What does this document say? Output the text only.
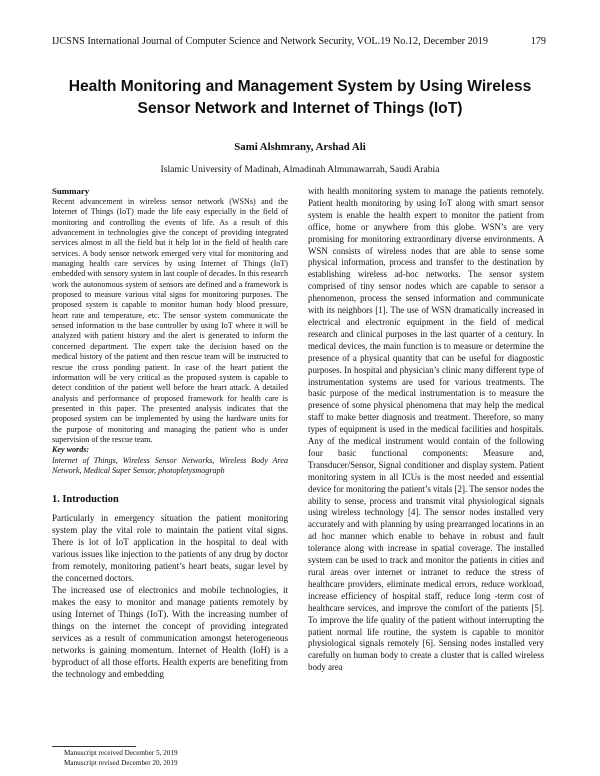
IJCSNS International Journal of Computer Science and Network Security, VOL.19 No.12, December 2019	179
Health Monitoring and Management System by Using Wireless
Sensor Network and Internet of Things (IoT)
Sami Alshmrany, Arshad Ali
Islamic University of Madinah, Almadinah Almunawarrah, Saudi Arabia

Summary

Recent advancement in wireless sensor network (WSNs) and the Internet of Things (IoT) made the life easy especially in the field of monitoring and controlling the events of life. As a result of this advancement in technologies give the concept of providing integrated services almost in all the field but it help lot in the field of health care services. A body sensor network emerged very vital for monitoring and managing health care services by using Internet of Things (IoT) embedded with sensory system in last couple of decades. In this research work the autonomous system of sensors are defined and a framework is proposed to measure various vital signs for monitoring purposes. The proposed system is capable to monitor human body blood pressure, heart rate and temperature, etc. The sensor system communicate the sensed information to the base controller by using IoT where it will be analyzed with patient history and the alert is generated to inform the concerned department. The expert take the decision based on the medical history of the patient and then rescue team will be instructed to rescue the cross ponding patient. In case of the heart patient the information will be very critical as the proposed system is capable to detect condition of the patient well before the heart attack. A detailed analysis and performance of proposed framework for health care is presented in this paper. The presented analysis indicates that the proposed system can be implemented by using the hardware units for the purpose of monitoring and managing the patient who is under supervision of the rescue team.

Key words:

Internet of Things, Wireless Sensor Networks, Wireless Body Area Network, Medical Super Sensor, photopletysmograph

1. Introduction

Particularly in emergency situation the patient monitoring system play the vital role to maintain the patient vital signs. There is lot of IoT application in the hospital to deal with various issues like injection to the patients of any drug by doctor from remotely, monitoring patient’s heart beats, sugar level by the concerned doctors.

The increased use of electronics and mobile technologies, it makes the easy to monitor and manage patients remotely by using Internet of Things (IoT). With the increasing number of things on the internet the concept of providing integrated services as a result of communication amongst heterogeneous networks is gaining momentum. Internet of Health (IoH) is a byproduct of all those efforts. Health experts are benefiting from the technology and embedding

with health monitoring system to manage the patients remotely. Patient health monitoring by using IoT along with smart sensor system is enable the health expert to monitor the patient from office, home or anywhere from this globe. WSN’s are very promising for monitoring extraordinary diverse environments. A WSN consists of wireless nodes that are able to sense some physical information, process and transfer to the destination by establishing wireless ad-hoc networks. The sensor system comprised of tiny sensor nodes which are capable to sensor a phenomenon, process the sensed information and communicate with its neighbors [1]. The use of WSN dramatically increased in electrical and electronic equipment in the field of medical research and clinical purposes in the last quarter of a century. In medical devices, the main function is to measure or determine the presence of a physical quantity that can be useful for diagnostic purposes. In hospital and physician’s clinic many different type of instrumentation systems are used for various treatments. The basic purpose of the medical instrumentation is to measure the presence of some physical phenomena that may help the medical staff to make better diagnosis and treatment. Therefore, so many types of equipment is used in the medical facilities and hospitals. Any of the medical instrument would contain of the following four basic functional components: Measure and, Transducer/Sensor, Signal conditioner and display system. Patient monitoring system in all ICUs is the most needed and essential device for monitoring the patient’s vitals [2]. The sensor nodes the ability to sense, process and transmit vital physiological signals using wireless technology [4]. The sensor nodes installed very accurately and with planning by using prearranged locations in an ad hoc manner which enable to behave in robust and fault tolerance along with increase in spatial coverage. The installed system can be used to track and monitor the patients in cities and rural areas over internet or intranet to reduce the stress of healthcare providers, eliminate medical errors, reduce workload, increase efficiency of hospital staff, reduce long -term cost of healthcare services, and improve the comfort of the patients [5]. To improve the life quality of the patient without interrupting the patient normal life routine, the system is capable to monitor physiological signals remotely [6]. Sensing nodes installed very carefully on human body to create a cluster that is called wireless body area

Manuscript received December 5, 2019
Manuscript revised December 20, 2019
